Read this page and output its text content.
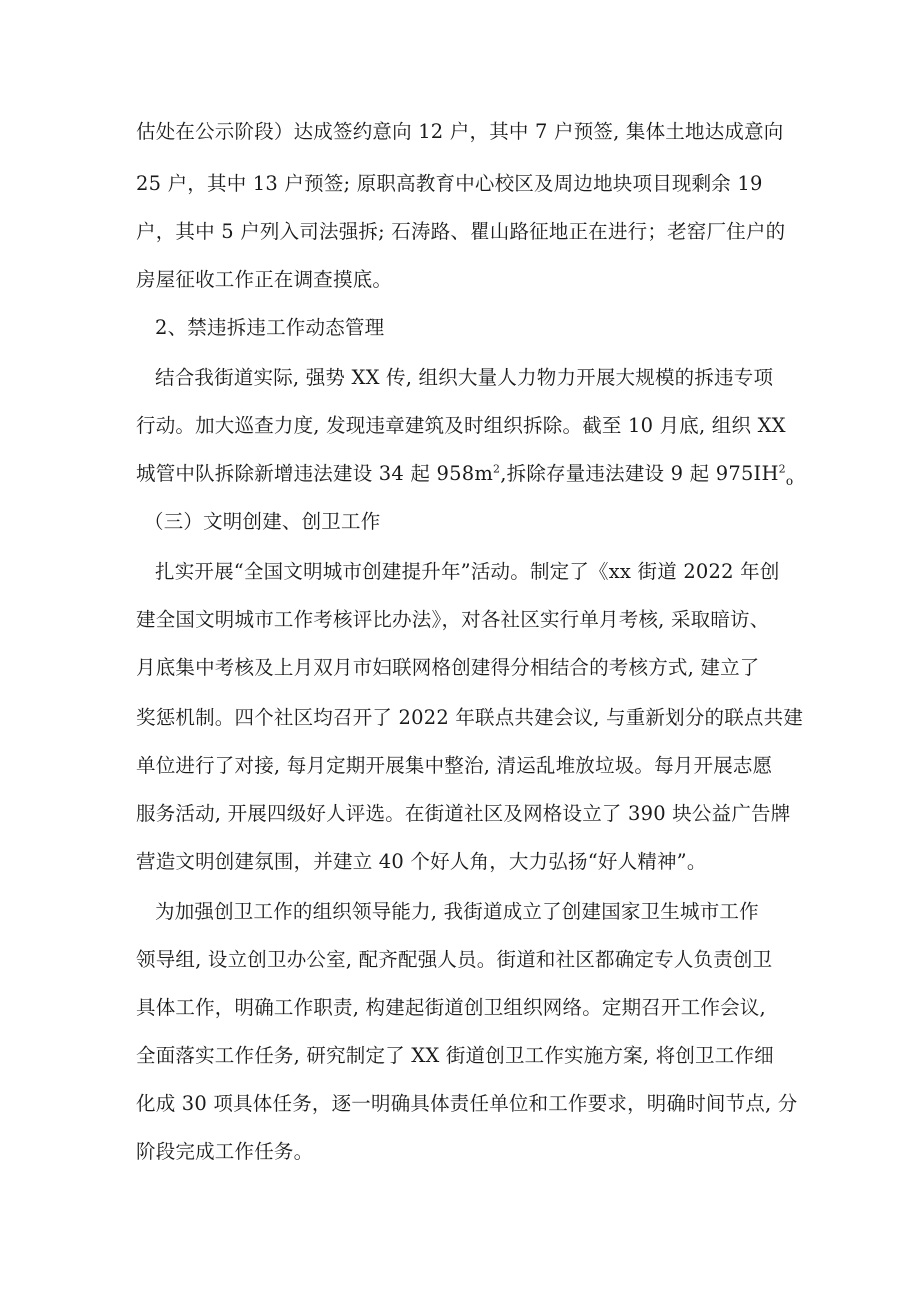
估处在公示阶段）达成签约意向 12 户，其中 7 户预签, 集体土地达成意向
25 户，其中 13 户预签; 原职高教育中心校区及周边地块项目现剩余 19
户，其中 5 户列入司法强拆; 石涛路、瞿山路征地正在进行；老窑厂住户的
房屋征收工作正在调查摸底。
2、禁违拆违工作动态管理
结合我街道实际, 强势 XX 传, 组织大量人力物力开展大规模的拆违专项
行动。加大巡查力度, 发现违章建筑及时组织拆除。截至 10 月底, 组织 XX
城管中队拆除新增违法建设 34 起 $958m^2$,拆除存量违法建设 9 起 $975IH^2_o$
（三）文明创建、创卫工作
扎实开展“全国文明城市创建提升年”活动。制定了《xx 街道 2022 年创
建全国文明城市工作考核评比办法》，对各社区实行单月考核, 采取暗访、
月底集中考核及上月双月市妇联网格创建得分相结合的考核方式, 建立了
奖惩机制。四个社区均召开了 2022 年联点共建会议, 与重新划分的联点共建
单位进行了对接, 每月定期开展集中整治, 清运乱堆放垃圾。每月开展志愿
服务活动, 开展四级好人评选。在街道社区及网格设立了 390 块公益广告牌
营造文明创建氛围，并建立 40 个好人角，大力弘扬“好人精神”。
为加强创卫工作的组织领导能力, 我街道成立了创建国家卫生城市工作
领导组, 设立创卫办公室, 配齐配强人员。街道和社区都确定专人负责创卫
具体工作，明确工作职责, 构建起街道创卫组织网络。定期召开工作会议,
全面落实工作任务, 研究制定了 XX 街道创卫工作实施方案, 将创卫工作细
化成 30 项具体任务，逐一明确具体责任单位和工作要求，明确时间节点, 分
阶段完成工作任务。
